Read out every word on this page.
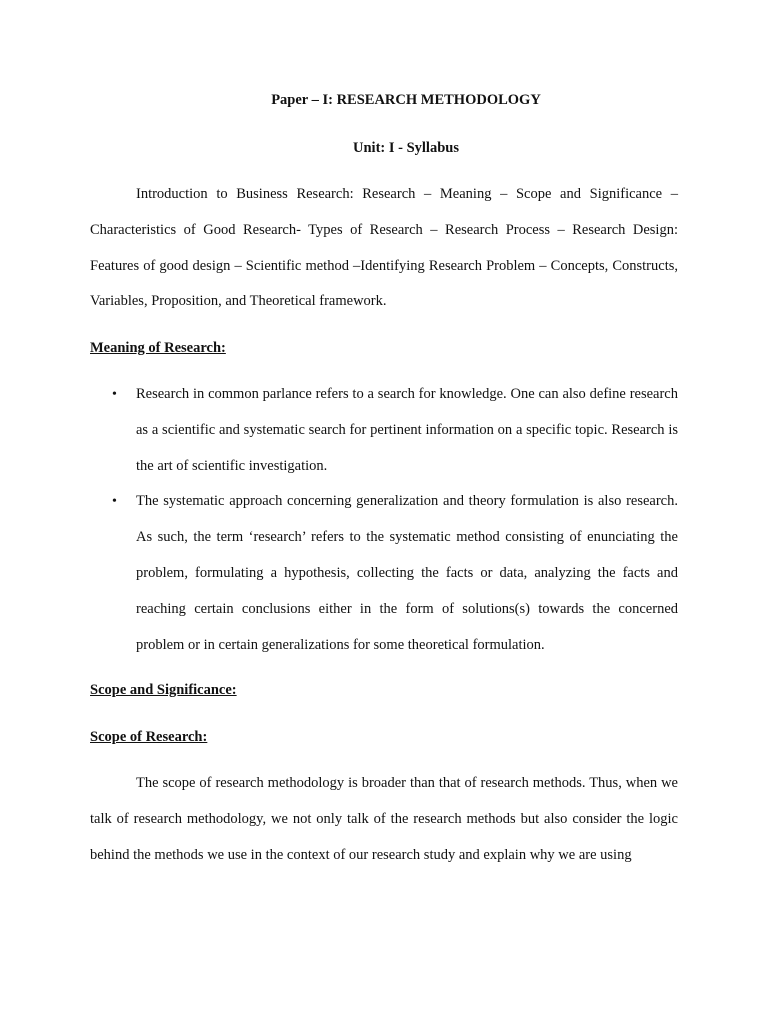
Paper – I: RESEARCH METHODOLOGY
Unit: I - Syllabus

Introduction to Business Research: Research – Meaning – Scope and Significance – Characteristics of Good Research- Types of Research – Research Process – Research Design: Features of good design – Scientific method –Identifying Research Problem – Concepts, Constructs, Variables, Proposition, and Theoretical framework.

Meaning of Research:
• Research in common parlance refers to a search for knowledge. One can also define research as a scientific and systematic search for pertinent information on a specific topic. Research is the art of scientific investigation.
• The systematic approach concerning generalization and theory formulation is also research. As such, the term ‘research’ refers to the systematic method consisting of enunciating the problem, formulating a hypothesis, collecting the facts or data, analyzing the facts and reaching certain conclusions either in the form of solutions(s) towards the concerned problem or in certain generalizations for some theoretical formulation.
Scope and Significance:
Scope of Research:

The scope of research methodology is broader than that of research methods. Thus, when we talk of research methodology, we not only talk of the research methods but also consider the logic behind the methods we use in the context of our research study and explain why we are using
